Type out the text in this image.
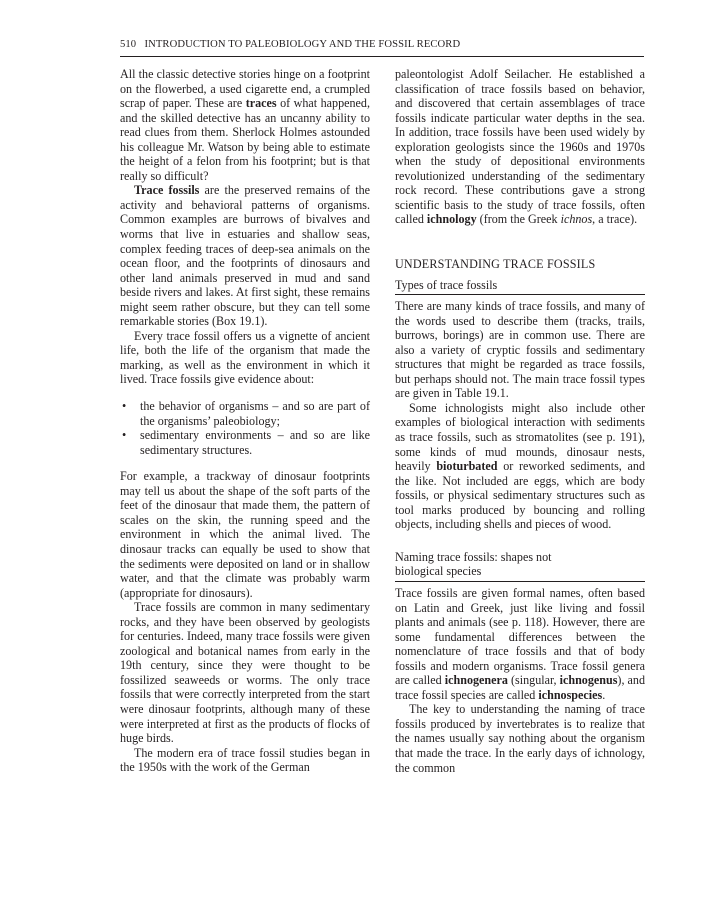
510 INTRODUCTION TO PALEOBIOLOGY AND THE FOSSIL RECORD

All the classic detective stories hinge on a footprint on the flowerbed, a used cigarette end, a crumpled scrap of paper. These are traces of what happened, and the skilled detective has an uncanny ability to read clues from them. Sherlock Holmes astounded his colleague Mr. Watson by being able to estimate the height of a felon from his footprint; but is that really so difficult?

Trace fossils are the preserved remains of the activity and behavioral patterns of organisms. Common examples are burrows of bivalves and worms that live in estuaries and shallow seas, complex feeding traces of deep-sea animals on the ocean floor, and the footprints of dinosaurs and other land animals preserved in mud and sand beside rivers and lakes. At first sight, these remains might seem rather obscure, but they can tell some remarkable stories (Box 19.1).

Every trace fossil offers us a vignette of ancient life, both the life of the organism that made the marking, as well as the environment in which it lived. Trace fossils give evidence about:

• the behavior of organisms – and so are part of the organisms’ paleobiology;
• sedimentary environments – and so are like sedimentary structures.

For example, a trackway of dinosaur footprints may tell us about the shape of the soft parts of the feet of the dinosaur that made them, the pattern of scales on the skin, the running speed and the environment in which the animal lived. The dinosaur tracks can equally be used to show that the sediments were deposited on land or in shallow water, and that the climate was probably warm (appropriate for dinosaurs).

Trace fossils are common in many sedimentary rocks, and they have been observed by geologists for centuries. Indeed, many trace fossils were given zoological and botanical names from early in the 19th century, since they were thought to be fossilized seaweeds or worms. The only trace fossils that were correctly interpreted from the start were dinosaur footprints, although many of these were interpreted at first as the products of flocks of huge birds.

The modern era of trace fossil studies began in the 1950s with the work of the German

paleontologist Adolf Seilacher. He established a classification of trace fossils based on behavior, and discovered that certain assemblages of trace fossils indicate particular water depths in the sea. In addition, trace fossils have been used widely by exploration geologists since the 1960s and 1970s when the study of depositional environments revolutionized understanding of the sedimentary rock record. These contributions gave a strong scientific basis to the study of trace fossils, often called ichnology (from the Greek ichnos, a trace).

UNDERSTANDING TRACE FOSSILS

Types of trace fossils

There are many kinds of trace fossils, and many of the words used to describe them (tracks, trails, burrows, borings) are in common use. There are also a variety of cryptic fossils and sedimentary structures that might be regarded as trace fossils, but perhaps should not. The main trace fossil types are given in Table 19.1.

Some ichnologists might also include other examples of biological interaction with sediments as trace fossils, such as stromatolites (see p. 191), some kinds of mud mounds, dinosaur nests, heavily bioturbated or reworked sediments, and the like. Not included are eggs, which are body fossils, or physical sedimentary structures such as tool marks produced by bouncing and rolling objects, including shells and pieces of wood.

Naming trace fossils: shapes not
biological species

Trace fossils are given formal names, often based on Latin and Greek, just like living and fossil plants and animals (see p. 118). However, there are some fundamental differences between the nomenclature of trace fossils and that of body fossils and modern organisms. Trace fossil genera are called ichnogenera (singular, ichnogenus), and trace fossil species are called ichnospecies.

The key to understanding the naming of trace fossils produced by invertebrates is to realize that the names usually say nothing about the organism that made the trace. In the early days of ichnology, the common
